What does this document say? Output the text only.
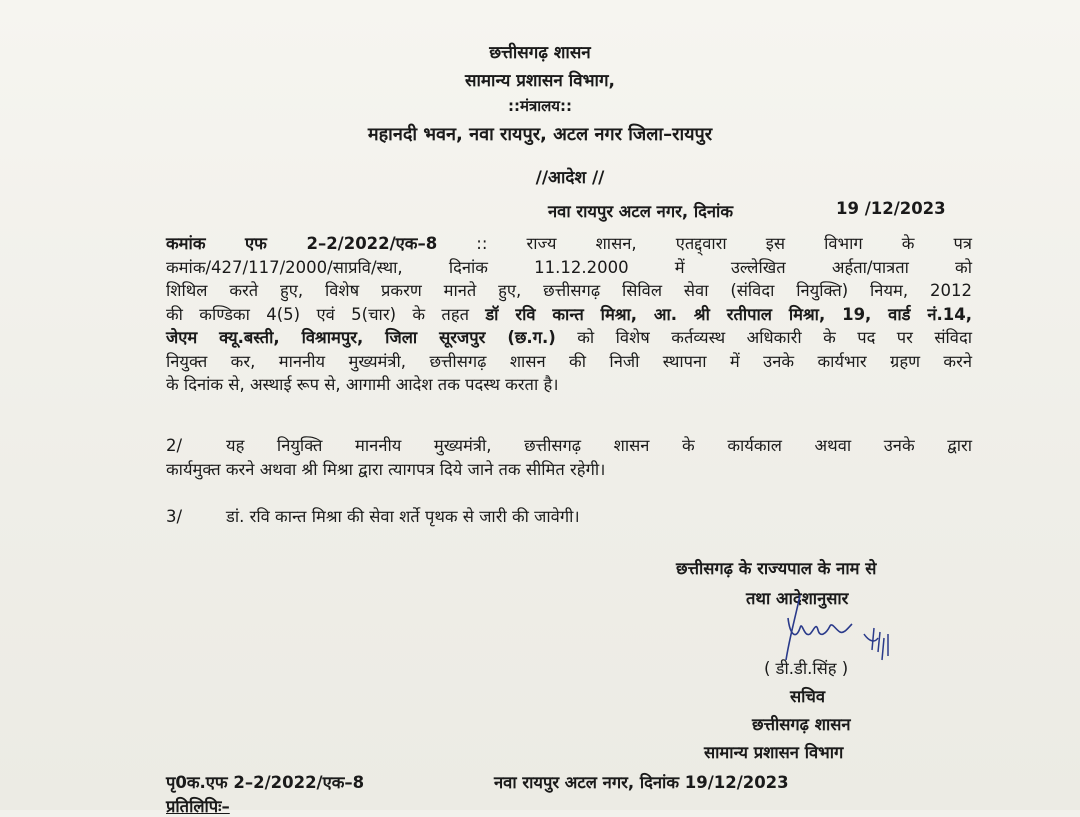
छत्तीसगढ़ शासन
सामान्य प्रशासन विभाग,
::मंत्रालय::
महानदी भवन, नवा रायपुर, अटल नगर जिला–रायपुर
//आदेश //
नवा रायपुर अटल नगर, दिनांक	19 /12/2023
कमांक एफ 2–2/2022/एक–8 :: राज्य शासन, एतद्द्वारा इस विभाग के पत्र
कमांक/427/117/2000/साप्रवि/स्था, दिनांक 11.12.2000 में उल्लेखित अर्हता/पात्रता को
शिथिल करते हुए, विशेष प्रकरण मानते हुए, छत्तीसगढ़ सिविल सेवा (संविदा नियुक्ति) नियम, 2012
की कण्डिका 4(5) एवं 5(चार) के तहत डॉ रवि कान्त मिश्रा, आ. श्री रतीपाल मिश्रा, 19, वार्ड नं.14,
जेएम क्यू.बस्ती, विश्रामपुर, जिला सूरजपुर (छ.ग.) को विशेष कर्तव्यस्थ अधिकारी के पद पर संविदा
नियुक्त कर, माननीय मुख्यमंत्री, छत्तीसगढ़ शासन की निजी स्थापना में उनके कार्यभार ग्रहण करने
के दिनांक से, अस्थाई रूप से, आगामी आदेश तक पदस्थ करता है।
2/	यह नियुक्ति माननीय मुख्यमंत्री, छत्तीसगढ़ शासन के कार्यकाल अथवा उनके द्वारा
कार्यमुक्त करने अथवा श्री मिश्रा द्वारा त्यागपत्र दिये जाने तक सीमित रहेगी।
3/	डां. रवि कान्त मिश्रा की सेवा शर्ते पृथक से जारी की जावेगी।
छत्तीसगढ़ के राज्यपाल के नाम से
तथा आदेशानुसार
( डी.डी.सिंह )
सचिव
छत्तीसगढ़ शासन
सामान्य प्रशासन विभाग
पृ0क.एफ 2–2/2022/एक–8	नवा रायपुर अटल नगर, दिनांक 19/12/2023
प्रतिलिपिः–
